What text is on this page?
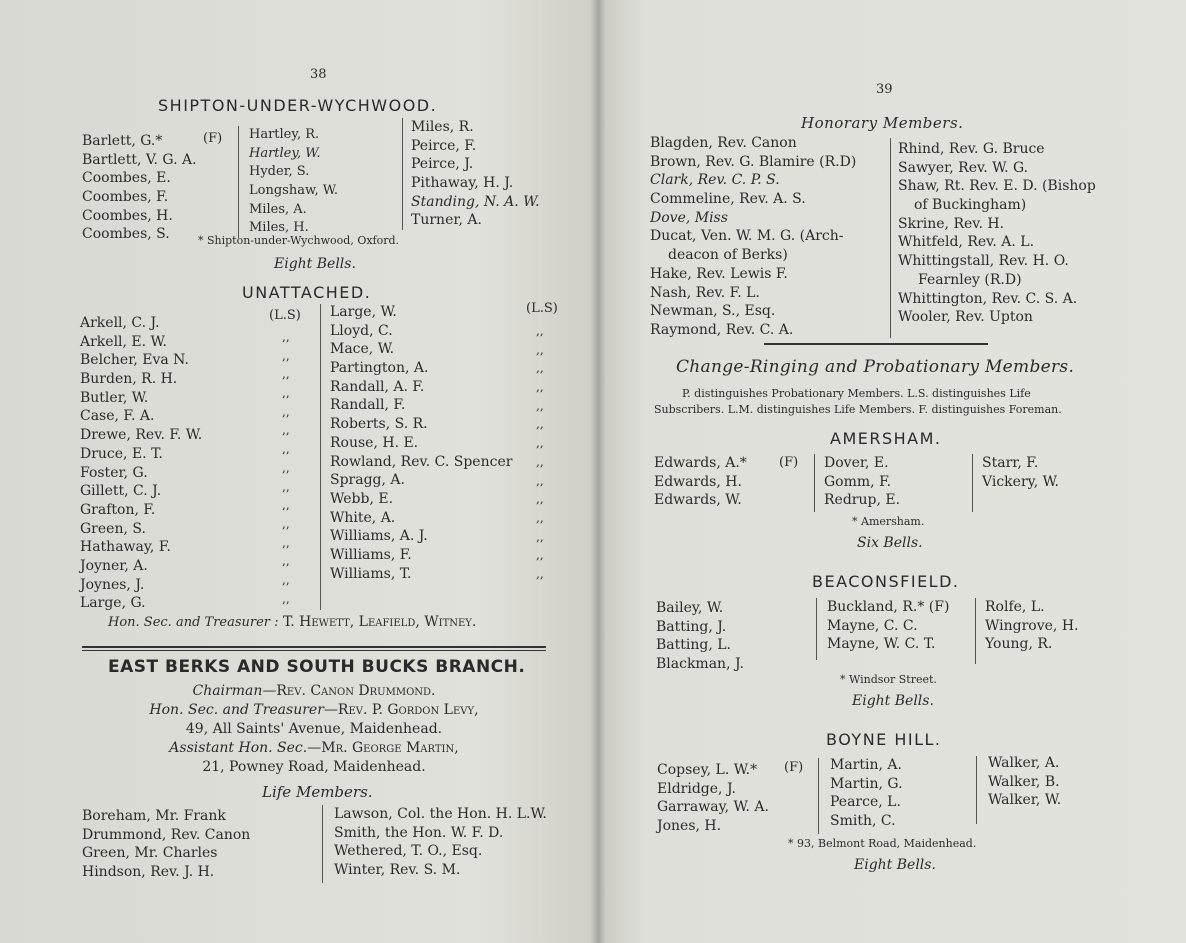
38
SHIPTON-UNDER-WYCHWOOD.
Barlett, G.*
Bartlett, V. G. A.
Coombes, E.
Coombes, F.
Coombes, H.
Coombes, S.
(F) Hartley, R.
Hartley, W.
Hyder, S.
Longshaw, W.
Miles, A.
Miles, H.
Miles, R.
Peirce, F.
Peirce, J.
Pithaway, H. J.
Standing, N. A. W.
Turner, A.
* Shipton-under-Wychwood, Oxford.
Eight Bells.
UNATTACHED.
(L.S)	(L.S)
Arkell, C. J.
Arkell, E. W.
Belcher, Eva N.
Burden, R. H.
Butler, W.
Case, F. A.
Drewe, Rev. F. W.
Druce, E. T.
Foster, G.
Gillett, C. J.
Grafton, F.
Green, S.
Hathaway, F.
Joyner, A.
Joynes, J.
Large, G.
,,
,,
,,
,,
,,
,,
,,
,,
,,
,,
,,
,,
,,
,,
,,
Large, W.
Lloyd, C.
Mace, W.
Partington, A.
Randall, A. F.
Randall, F.
Roberts, S. R.
Rouse, H. E.
Rowland, Rev. C. Spencer
Spragg, A.
Webb, E.
White, A.
Williams, A. J.
Williams, F.
Williams, T.
,,
,,
,,
,,
,,
,,
,,
,,
,,
,,
,,
,,
,,
,,
Hon. Sec. and Treasurer : T. Hewett, Leafield, Witney.
EAST BERKS AND SOUTH BUCKS BRANCH.
Chairman—Rev. Canon Drummond.
Hon. Sec. and Treasurer—Rev. P. Gordon Levy,
49, All Saints' Avenue, Maidenhead.
Assistant Hon. Sec.—Mr. George Martin,
21, Powney Road, Maidenhead.
Life Members.
Boreham, Mr. Frank
Drummond, Rev. Canon
Green, Mr. Charles
Hindson, Rev. J. H.
Lawson, Col. the Hon. H. L.W.
Smith, the Hon. W. F. D.
Wethered, T. O., Esq.
Winter, Rev. S. M.
39
Honorary Members.
Blagden, Rev. Canon
Brown, Rev. G. Blamire (R.D)
Clark, Rev. C. P. S.
Commeline, Rev. A. S.
Dove, Miss
Ducat, Ven. W. M. G. (Arch-
deacon of Berks)
Hake, Rev. Lewis F.
Nash, Rev. F. L.
Newman, S., Esq.
Raymond, Rev. C. A.
Rhind, Rev. G. Bruce
Sawyer, Rev. W. G.
Shaw, Rt. Rev. E. D. (Bishop
of Buckingham)
Skrine, Rev. H.
Whitfeld, Rev. A. L.
Whittingstall, Rev. H. O.
Fearnley (R.D)
Whittington, Rev. C. S. A.
Wooler, Rev. Upton
Change-Ringing and Probationary Members.
P. distinguishes Probationary Members. L.S. distinguishes Life
Subscribers. L.M. distinguishes Life Members. F. distinguishes Foreman.
AMERSHAM.
Edwards, A.*
Edwards, H.
Edwards, W.
(F) Dover, E.
Gomm, F.
Redrup, E.
Starr, F.
Vickery, W.
* Amersham.
Six Bells.
BEACONSFIELD.
Bailey, W.
Batting, J.
Batting, L.
Blackman, J.
Buckland, R.* (F)
Mayne, C. C.
Mayne, W. C. T.
Rolfe, L.
Wingrove, H.
Young, R.
* Windsor Street.
Eight Bells.
BOYNE HILL.
Copsey, L. W.*
Eldridge, J.
Garraway, W. A.
Jones, H.
(F) Martin, A.
Martin, G.
Pearce, L.
Smith, C.
Walker, A.
Walker, B.
Walker, W.
* 93, Belmont Road, Maidenhead.
Eight Bells.
